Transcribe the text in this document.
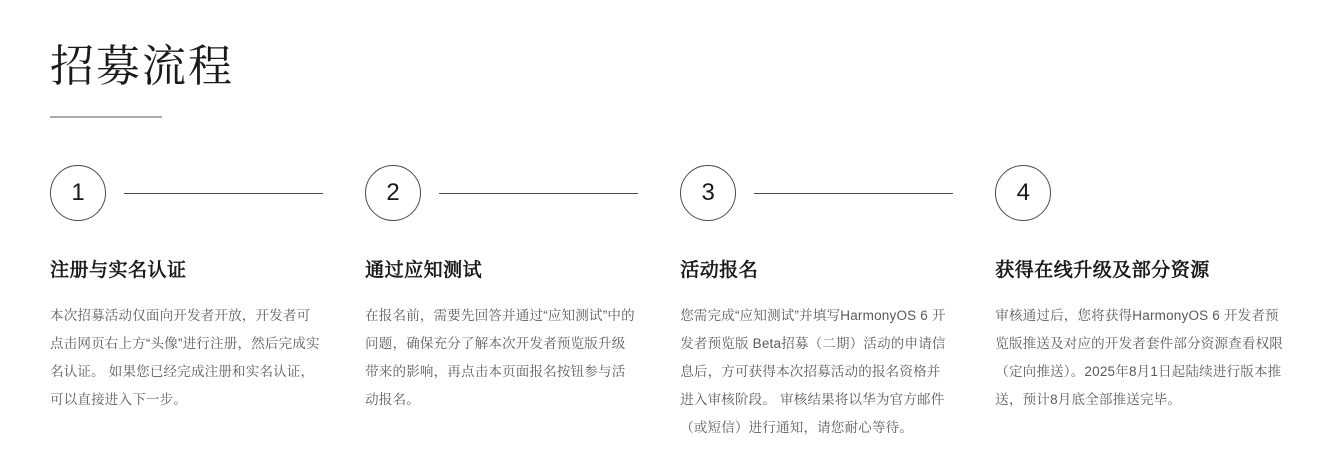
招募流程
1
注册与实名认证
本次招募活动仅面向开发者开放，开发者可点击网页右上方“头像”进行注册，然后完成实名认证。 如果您已经完成注册和实名认证，可以直接进入下一步。
2
通过应知测试
在报名前，需要先回答并通过“应知测试”中的问题，确保充分了解本次开发者预览版升级带来的影响，再点击本页面报名按钮参与活动报名。
3
活动报名
您需完成“应知测试”并填写HarmonyOS 6 开发者预览版 Beta招募（二期）活动的申请信息后，方可获得本次招募活动的报名资格并进入审核阶段。 审核结果将以华为官方邮件（或短信）进行通知，请您耐心等待。
4
获得在线升级及部分资源
审核通过后，您将获得HarmonyOS 6 开发者预览版推送及对应的开发者套件部分资源查看权限（定向推送）。2025年8月1日起陆续进行版本推送，预计8月底全部推送完毕。
